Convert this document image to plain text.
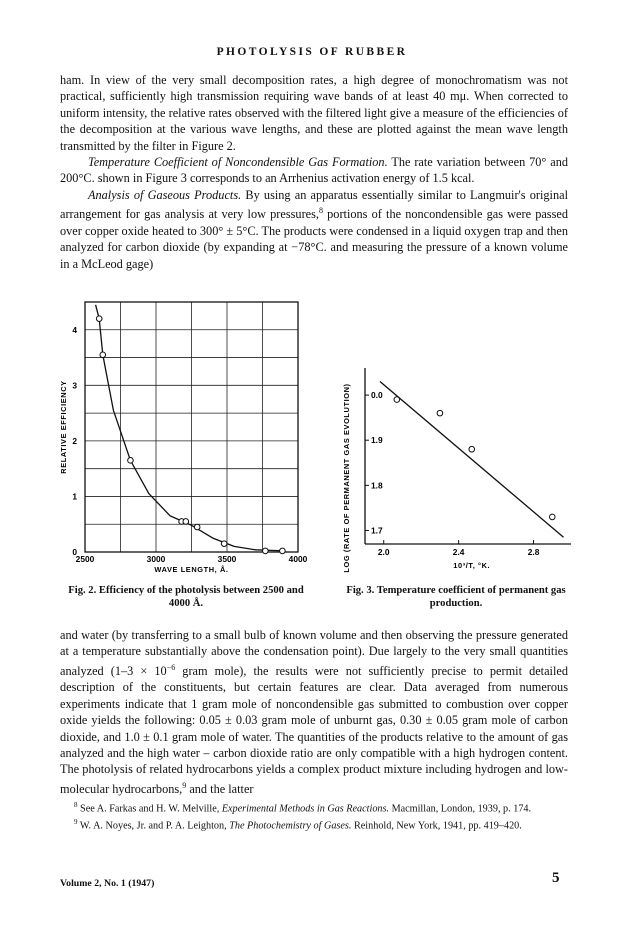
PHOTOLYSIS OF RUBBER

ham. In view of the very small decomposition rates, a high degree of monochromatism was not practical, sufficiently high transmission requiring wave bands of at least 40 mμ. When corrected to uniform intensity, the relative rates observed with the filtered light give a measure of the efficiencies of the decomposition at the various wave lengths, and these are plotted against the mean wave length transmitted by the filter in Figure 2.

Temperature Coefficient of Noncondensible Gas Formation. The rate variation between 70° and 200°C. shown in Figure 3 corresponds to an Arrhenius activation energy of 1.5 kcal.

Analysis of Gaseous Products. By using an apparatus essentially similar to Langmuir's original arrangement for gas analysis at very low pressures,$^8$ portions of the noncondensible gas were passed over copper oxide heated to 300° ± 5°C. The products were condensed in a liquid oxygen trap and then analyzed for carbon dioxide (by expanding at −78°C. and measuring the pressure of a known volume in a McLeod gage)

0
1
2
3
4
2500	3000	3500	4000
WAVE LENGTH, Å.
RELATIVE EFFICIENCY
Fig. 2. Efficiency of the photolysis between 2500 and 4000 Å.
1.7
1.8
1.9
0.0
2.0	2.4	2.8
10³/T, °K.
LOG (RATE OF PERMANENT GAS EVOLUTION)
Fig. 3. Temperature coefficient of permanent gas production.

and water (by transferring to a small bulb of known volume and then observing the pressure generated at a temperature substantially above the condensation point). Due largely to the very small quantities analyzed ($1-3 \times 10^{-6}$ gram mole), the results were not sufficiently precise to permit detailed description of the constituents, but certain features are clear. Data averaged from numerous experiments indicate that 1 gram mole of noncondensible gas submitted to combustion over copper oxide yields the following: 0.05 ± 0.03 gram mole of unburnt gas, 0.30 ± 0.05 gram mole of carbon dioxide, and 1.0 ± 0.1 gram mole of water. The quantities of the products relative to the amount of gas analyzed and the high water – carbon dioxide ratio are only compatible with a high hydrogen content. The photolysis of related hydrocarbons yields a complex product mixture including hydrogen and low-molecular hydrocarbons,$^9$ and the latter

$^8$ See A. Farkas and H. W. Melville, Experimental Methods in Gas Reactions. Macmillan, London, 1939, p. 174.

$^9$ W. A. Noyes, Jr. and P. A. Leighton, The Photochemistry of Gases. Reinhold, New York, 1941, pp. 419–420.

Volume 2, No. 1 (1947)	5
